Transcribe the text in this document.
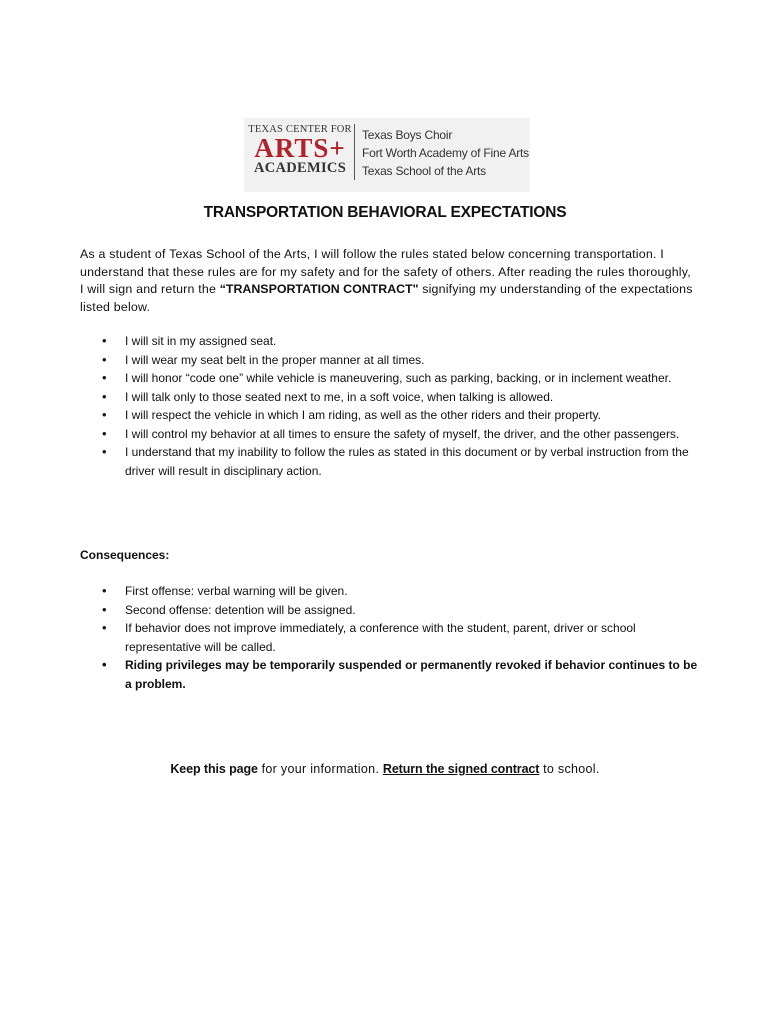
TEXAS CENTER FOR
ARTS+
ACADEMICS
Texas Boys Choir
Fort Worth Academy of Fine Arts
Texas School of the Arts
TRANSPORTATION BEHAVIORAL EXPECTATIONS
As a student of Texas School of the Arts, I will follow the rules stated below concerning transportation. I understand that these rules are for my safety and for the safety of others. After reading the rules thoroughly, I will sign and return the “TRANSPORTATION CONTRACT" signifying my understanding of the expectations listed below.
• I will sit in my assigned seat.
• I will wear my seat belt in the proper manner at all times.
• I will honor “code one” while vehicle is maneuvering, such as parking, backing, or in inclement weather.
• I will talk only to those seated next to me, in a soft voice, when talking is allowed.
• I will respect the vehicle in which I am riding, as well as the other riders and their property.
• I will control my behavior at all times to ensure the safety of myself, the driver, and the other passengers.
• I understand that my inability to follow the rules as stated in this document or by verbal instruction from the driver will result in disciplinary action.
Consequences:
• First offense: verbal warning will be given.
• Second offense: detention will be assigned.
• If behavior does not improve immediately, a conference with the student, parent, driver or school representative will be called.
• Riding privileges may be temporarily suspended or permanently revoked if behavior continues to be a problem.
Keep this page for your information. Return the signed contract to school.
